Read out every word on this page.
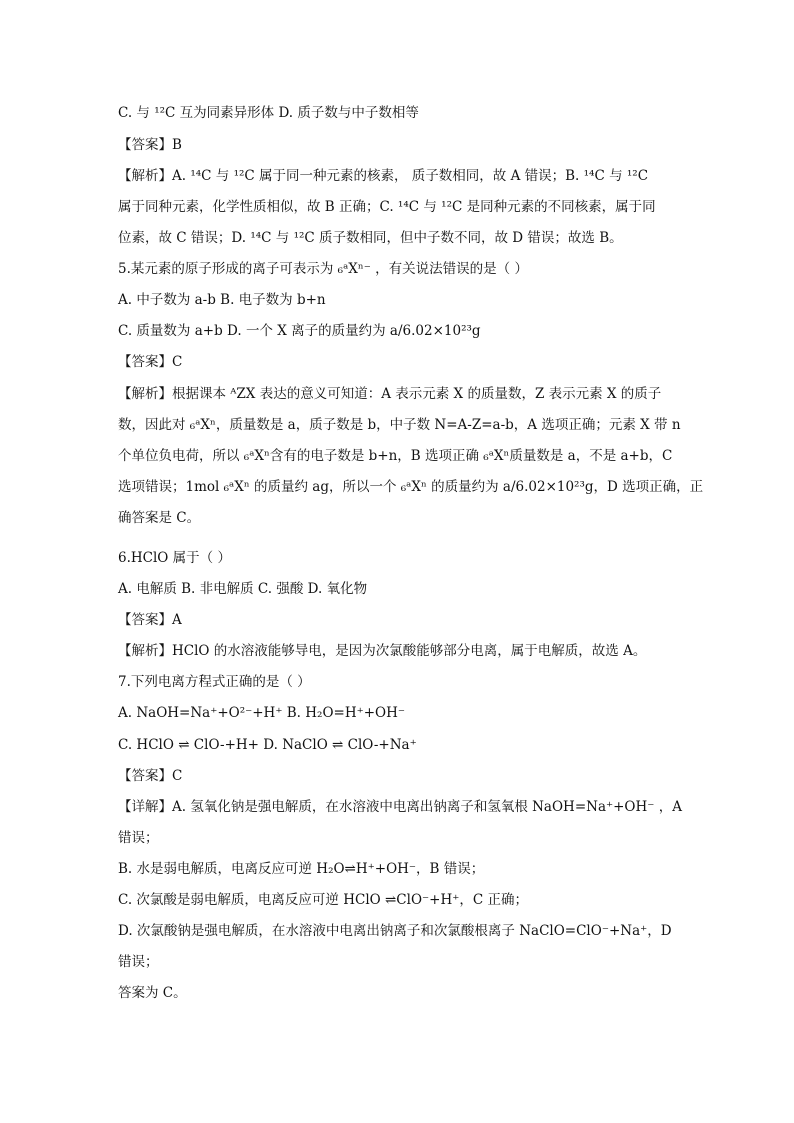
C. 与 ¹²C 互为同素异形体 D. 质子数与中子数相等
【答案】B
【解析】A. ¹⁴C 与 ¹²C 属于同一种元素的核素， 质子数相同，故 A 错误；B. ¹⁴C 与 ¹²C
属于同种元素，化学性质相似，故 B 正确；C. ¹⁴C 与 ¹²C 是同种元素的不同核素，属于同
位素，故 C 错误；D. ¹⁴C 与 ¹²C 质子数相同，但中子数不同，故 D 错误；故选 B。
5.某元素的原子形成的离子可表示为 ₆ᵃXⁿ⁻ ，有关说法错误的是（ ）
A. 中子数为 a-b B. 电子数为 b+n
C. 质量数为 a+b D. 一个 X 离子的质量约为 a/6.02×10²³g
【答案】C
【解析】根据课本 ᴬZX 表达的意义可知道：A 表示元素 X 的质量数，Z 表示元素 X 的质子
数，因此对 ₆ᵃXⁿ，质量数是 a，质子数是 b，中子数 N=A-Z=a-b，A 选项正确；元素 X 带 n
个单位负电荷，所以 ₆ᵃXⁿ含有的电子数是 b+n，B 选项正确 ₆ᵃXⁿ质量数是 a，不是 a+b，C
选项错误；1mol ₆ᵃXⁿ 的质量约 ag，所以一个 ₆ᵃXⁿ 的质量约为 a/6.02×10²³g，D 选项正确，正
确答案是 C。
6.HClO 属于（ ）
A. 电解质 B. 非电解质 C. 强酸 D. 氧化物
【答案】A
【解析】HClO 的水溶液能够导电，是因为次氯酸能够部分电离，属于电解质，故选 A。
7.下列电离方程式正确的是（ ）
A. NaOH=Na⁺+O²⁻+H⁺ B. H₂O=H⁺+OH⁻
C. HClO ⇌ ClO-+H+ D. NaClO ⇌ ClO-+Na⁺
【答案】C
【详解】A. 氢氧化钠是强电解质，在水溶液中电离出钠离子和氢氧根 NaOH=Na⁺+OH⁻ ，A
错误；
B. 水是弱电解质，电离反应可逆 H₂O⇌H⁺+OH⁻，B 错误；
C. 次氯酸是弱电解质，电离反应可逆 HClO ⇌ClO⁻+H⁺，C 正确；
D. 次氯酸钠是强电解质，在水溶液中电离出钠离子和次氯酸根离子 NaClO=ClO⁻+Na⁺，D
错误；
答案为 C。
